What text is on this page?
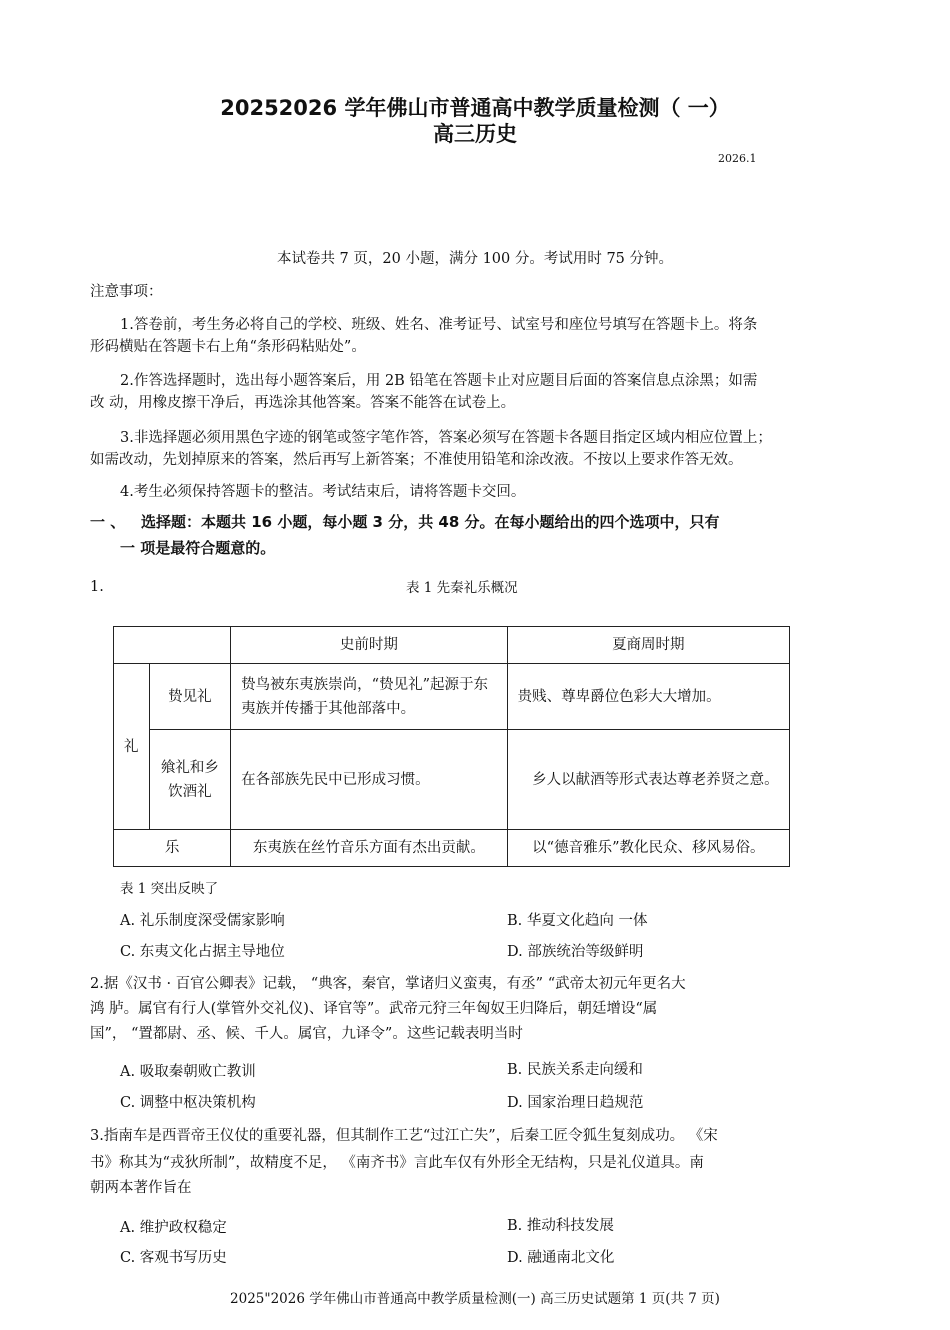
20252026 学年佛山市普通高中教学质量检测（ 一）
高三历史
2026.1
本试卷共 7 页，20 小题，满分 100 分。考试用时 75 分钟。
注意事项：
1.答卷前，考生务必将自己的学校、班级、姓名、准考证号、试室号和座位号填写在答题卡上。将条
形码横贴在答题卡右上角“条形码粘贴处”。
2.作答选择题时，选出每小题答案后，用 2B 铅笔在答题卡止对应题目后面的答案信息点涂黑；如需
改 动，用橡皮擦干净后，再选涂其他答案。答案不能答在试卷上。
3.非选择题必须用黑色字迹的钢笔或签字笔作答，答案必须写在答题卡各题目指定区域内相应位置上；
如需改动，先划掉原来的答案，然后再写上新答案；不准使用铅笔和涂改液。不按以上要求作答无效。
4.考生必须保持答题卡的整洁。考试结束后，请将答题卡交回。
一 、 选择题：本题共 16 小题，每小题 3 分，共 48 分。在每小题给出的四个选项中，只有
一 项是最符合题意的。
1.	表 1 先秦礼乐概况
		史前时期	夏商周时期
礼	贽见礼	贽鸟被东夷族崇尚，“贽见礼”起源于东夷族并传播于其他部落中。	贵贱、尊卑爵位色彩大大增加。
	飨礼和乡饮酒礼	在各部族先民中已形成习惯。	乡人以献酒等形式表达尊老养贤之意。
乐		东夷族在丝竹音乐方面有杰出贡献。	以“德音雅乐”教化民众、移风易俗。
表 1 突出反映了
A. 礼乐制度深受儒家影响	B. 华夏文化趋向 一体
C. 东夷文化占据主导地位	D. 部族统治等级鲜明
2.据《汉书 · 百官公卿表》记载， “典客，秦官，掌诸归义蛮夷，有丞” “武帝太初元年更名大
鸿 胪。属官有行人(掌管外交礼仪)、译官等”。武帝元狩三年匈奴王归降后，朝廷增设“属
国”， “置都尉、丞、候、千人。属官，九译令”。这些记载表明当时
A. 吸取秦朝败亡教训	B. 民族关系走向缓和
C. 调整中枢决策机构	D. 国家治理日趋规范
3.指南车是西晋帝王仪仗的重要礼器，但其制作工艺“过江亡失”，后秦工匠令狐生复刻成功。 《宋
书》称其为“戎狄所制”，故精度不足， 《南齐书》言此车仅有外形全无结构，只是礼仪道具。南
朝两本著作旨在
A. 维护政权稳定	B. 推动科技发展
C. 客观书写历史	D. 融通南北文化
2025"2026 学年佛山市普通高中教学质量检测(一) 高三历史试题第 1 页(共 7 页)
